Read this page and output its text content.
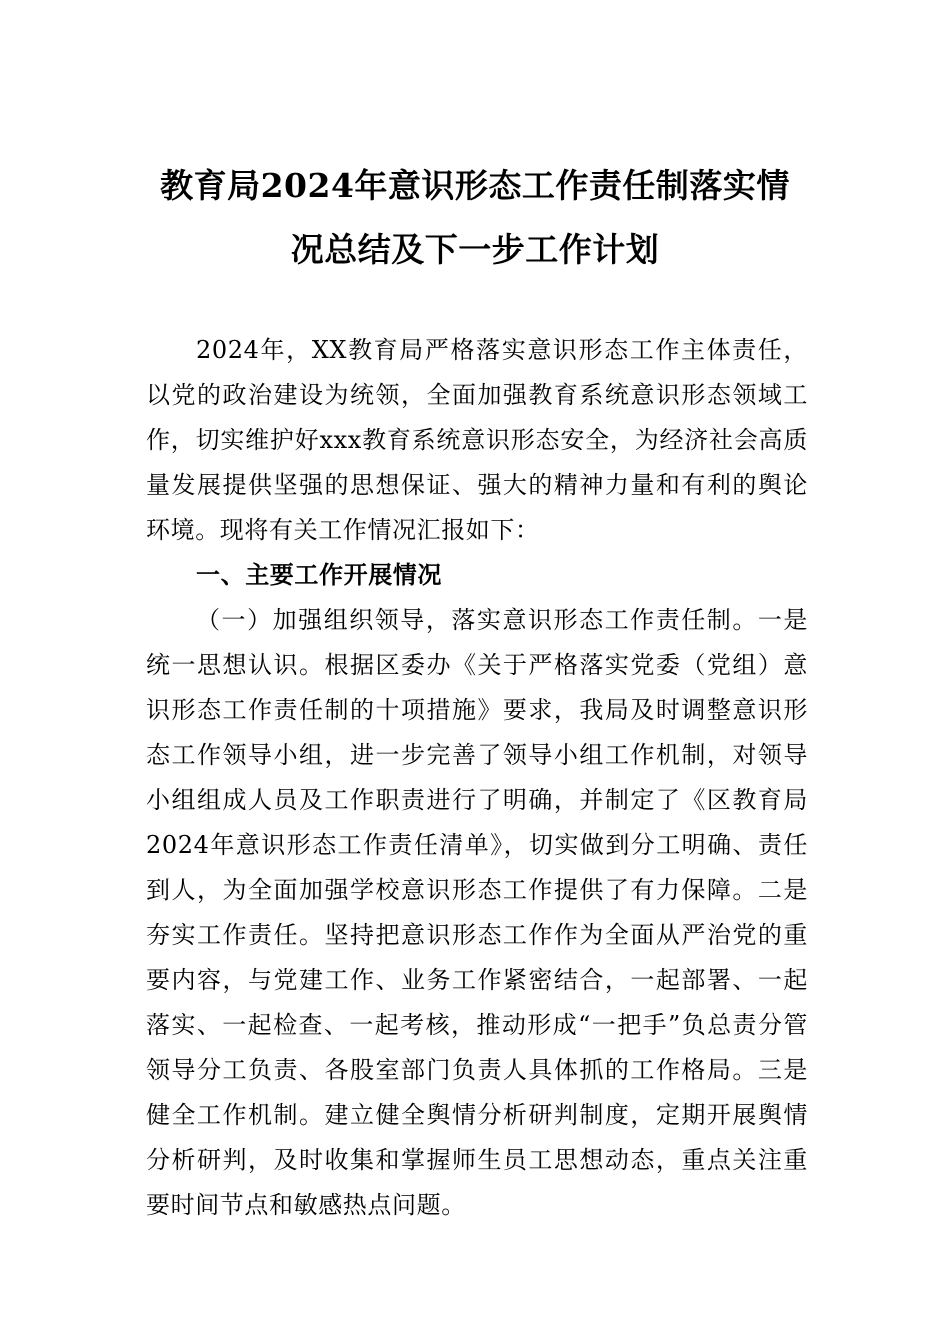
教育局2024年意识形态工作责任制落实情
况总结及下一步工作计划

2024年，XX教育局严格落实意识形态工作主体责任，以党的政治建设为统领，全面加强教育系统意识形态领域工作，切实维护好xxx教育系统意识形态安全，为经济社会高质量发展提供坚强的思想保证、强大的精神力量和有利的舆论环境。现将有关工作情况汇报如下：

一、主要工作开展情况

（一）加强组织领导，落实意识形态工作责任制。一是统一思想认识。根据区委办《关于严格落实党委（党组）意识形态工作责任制的十项措施》要求，我局及时调整意识形态工作领导小组，进一步完善了领导小组工作机制，对领导小组组成人员及工作职责进行了明确，并制定了《区教育局2024年意识形态工作责任清单》，切实做到分工明确、责任到人，为全面加强学校意识形态工作提供了有力保障。二是夯实工作责任。坚持把意识形态工作作为全面从严治党的重要内容，与党建工作、业务工作紧密结合，一起部署、一起落实、一起检查、一起考核，推动形成“一把手”负总责分管领导分工负责、各股室部门负责人具体抓的工作格局。三是健全工作机制。建立健全舆情分析研判制度，定期开展舆情分析研判，及时收集和掌握师生员工思想动态，重点关注重要时间节点和敏感热点问题。
